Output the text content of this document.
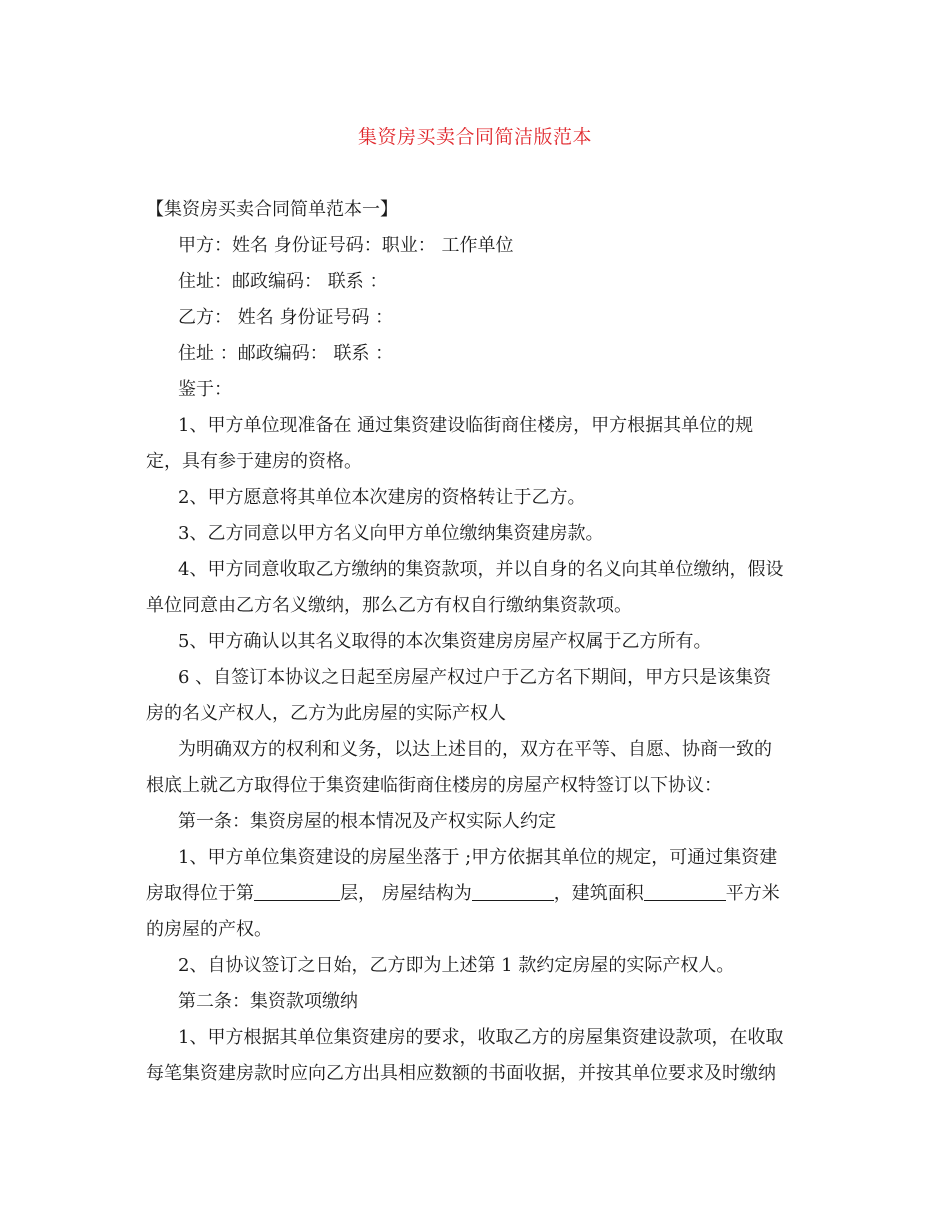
集资房买卖合同简洁版范本

【集资房买卖合同简单范本一】

甲方：姓名 身份证号码：职业： 工作单位

住址：邮政编码： 联系 ：

乙方： 姓名 身份证号码 ：

住址 ：邮政编码： 联系 ：

鉴于：

1、甲方单位现准备在 通过集资建设临街商住楼房，甲方根据其单位的规

定，具有参于建房的资格。

2、甲方愿意将其单位本次建房的资格转让于乙方。

3、乙方同意以甲方名义向甲方单位缴纳集资建房款。

4、甲方同意收取乙方缴纳的集资款项，并以自身的名义向其单位缴纳，假设

单位同意由乙方名义缴纳，那么乙方有权自行缴纳集资款项。

5、甲方确认以其名义取得的本次集资建房房屋产权属于乙方所有。

6 、自签订本协议之日起至房屋产权过户于乙方名下期间，甲方只是该集资

房的名义产权人，乙方为此房屋的实际产权人

为明确双方的权利和义务，以达上述目的，双方在平等、自愿、协商一致的

根底上就乙方取得位于集资建临街商住楼房的房屋产权特签订以下协议：

第一条：集资房屋的根本情况及产权实际人约定

1、甲方单位集资建设的房屋坐落于 ;甲方依据其单位的规定，可通过集资建

房取得位于第	层， 房屋结构为	，建筑面积	平方米

的房屋的产权。

2、自协议签订之日始，乙方即为上述第 1 款约定房屋的实际产权人。

第二条：集资款项缴纳

1、甲方根据其单位集资建房的要求，收取乙方的房屋集资建设款项，在收取

每笔集资建房款时应向乙方出具相应数额的书面收据，并按其单位要求及时缴纳
